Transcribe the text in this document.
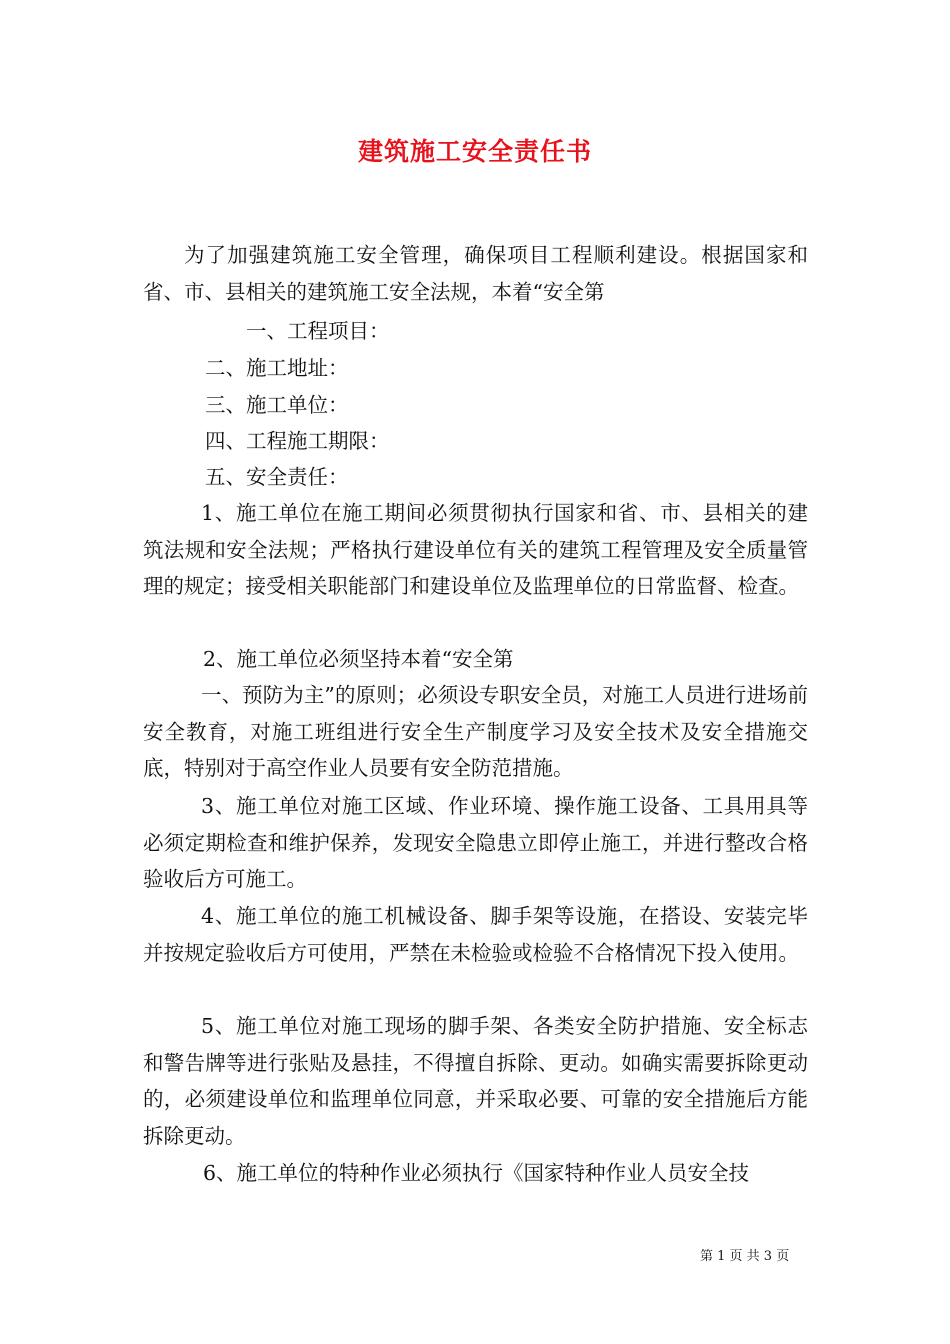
建筑施工安全责任书

为了加强建筑施工安全管理，确保项目工程顺利建设。根据国家和省、市、县相关的建筑施工安全法规，本着“安全第

一、工程项目：

二、施工地址：

三、施工单位：

四、工程施工期限：

五、安全责任：

1、施工单位在施工期间必须贯彻执行国家和省、市、县相关的建筑法规和安全法规；严格执行建设单位有关的建筑工程管理及安全质量管理的规定；接受相关职能部门和建设单位及监理单位的日常监督、检查。

2、施工单位必须坚持本着“安全第

一、预防为主”的原则；必须设专职安全员，对施工人员进行进场前安全教育，对施工班组进行安全生产制度学习及安全技术及安全措施交底，特别对于高空作业人员要有安全防范措施。

3、施工单位对施工区域、作业环境、操作施工设备、工具用具等必须定期检查和维护保养，发现安全隐患立即停止施工，并进行整改合格验收后方可施工。

4、施工单位的施工机械设备、脚手架等设施，在搭设、安装完毕并按规定验收后方可使用，严禁在未检验或检验不合格情况下投入使用。

5、施工单位对施工现场的脚手架、各类安全防护措施、安全标志和警告牌等进行张贴及悬挂，不得擅自拆除、更动。如确实需要拆除更动的，必须建设单位和监理单位同意，并采取必要、可靠的安全措施后方能拆除更动。

6、施工单位的特种作业必须执行《国家特种作业人员安全技

第 1 页 共 3 页
